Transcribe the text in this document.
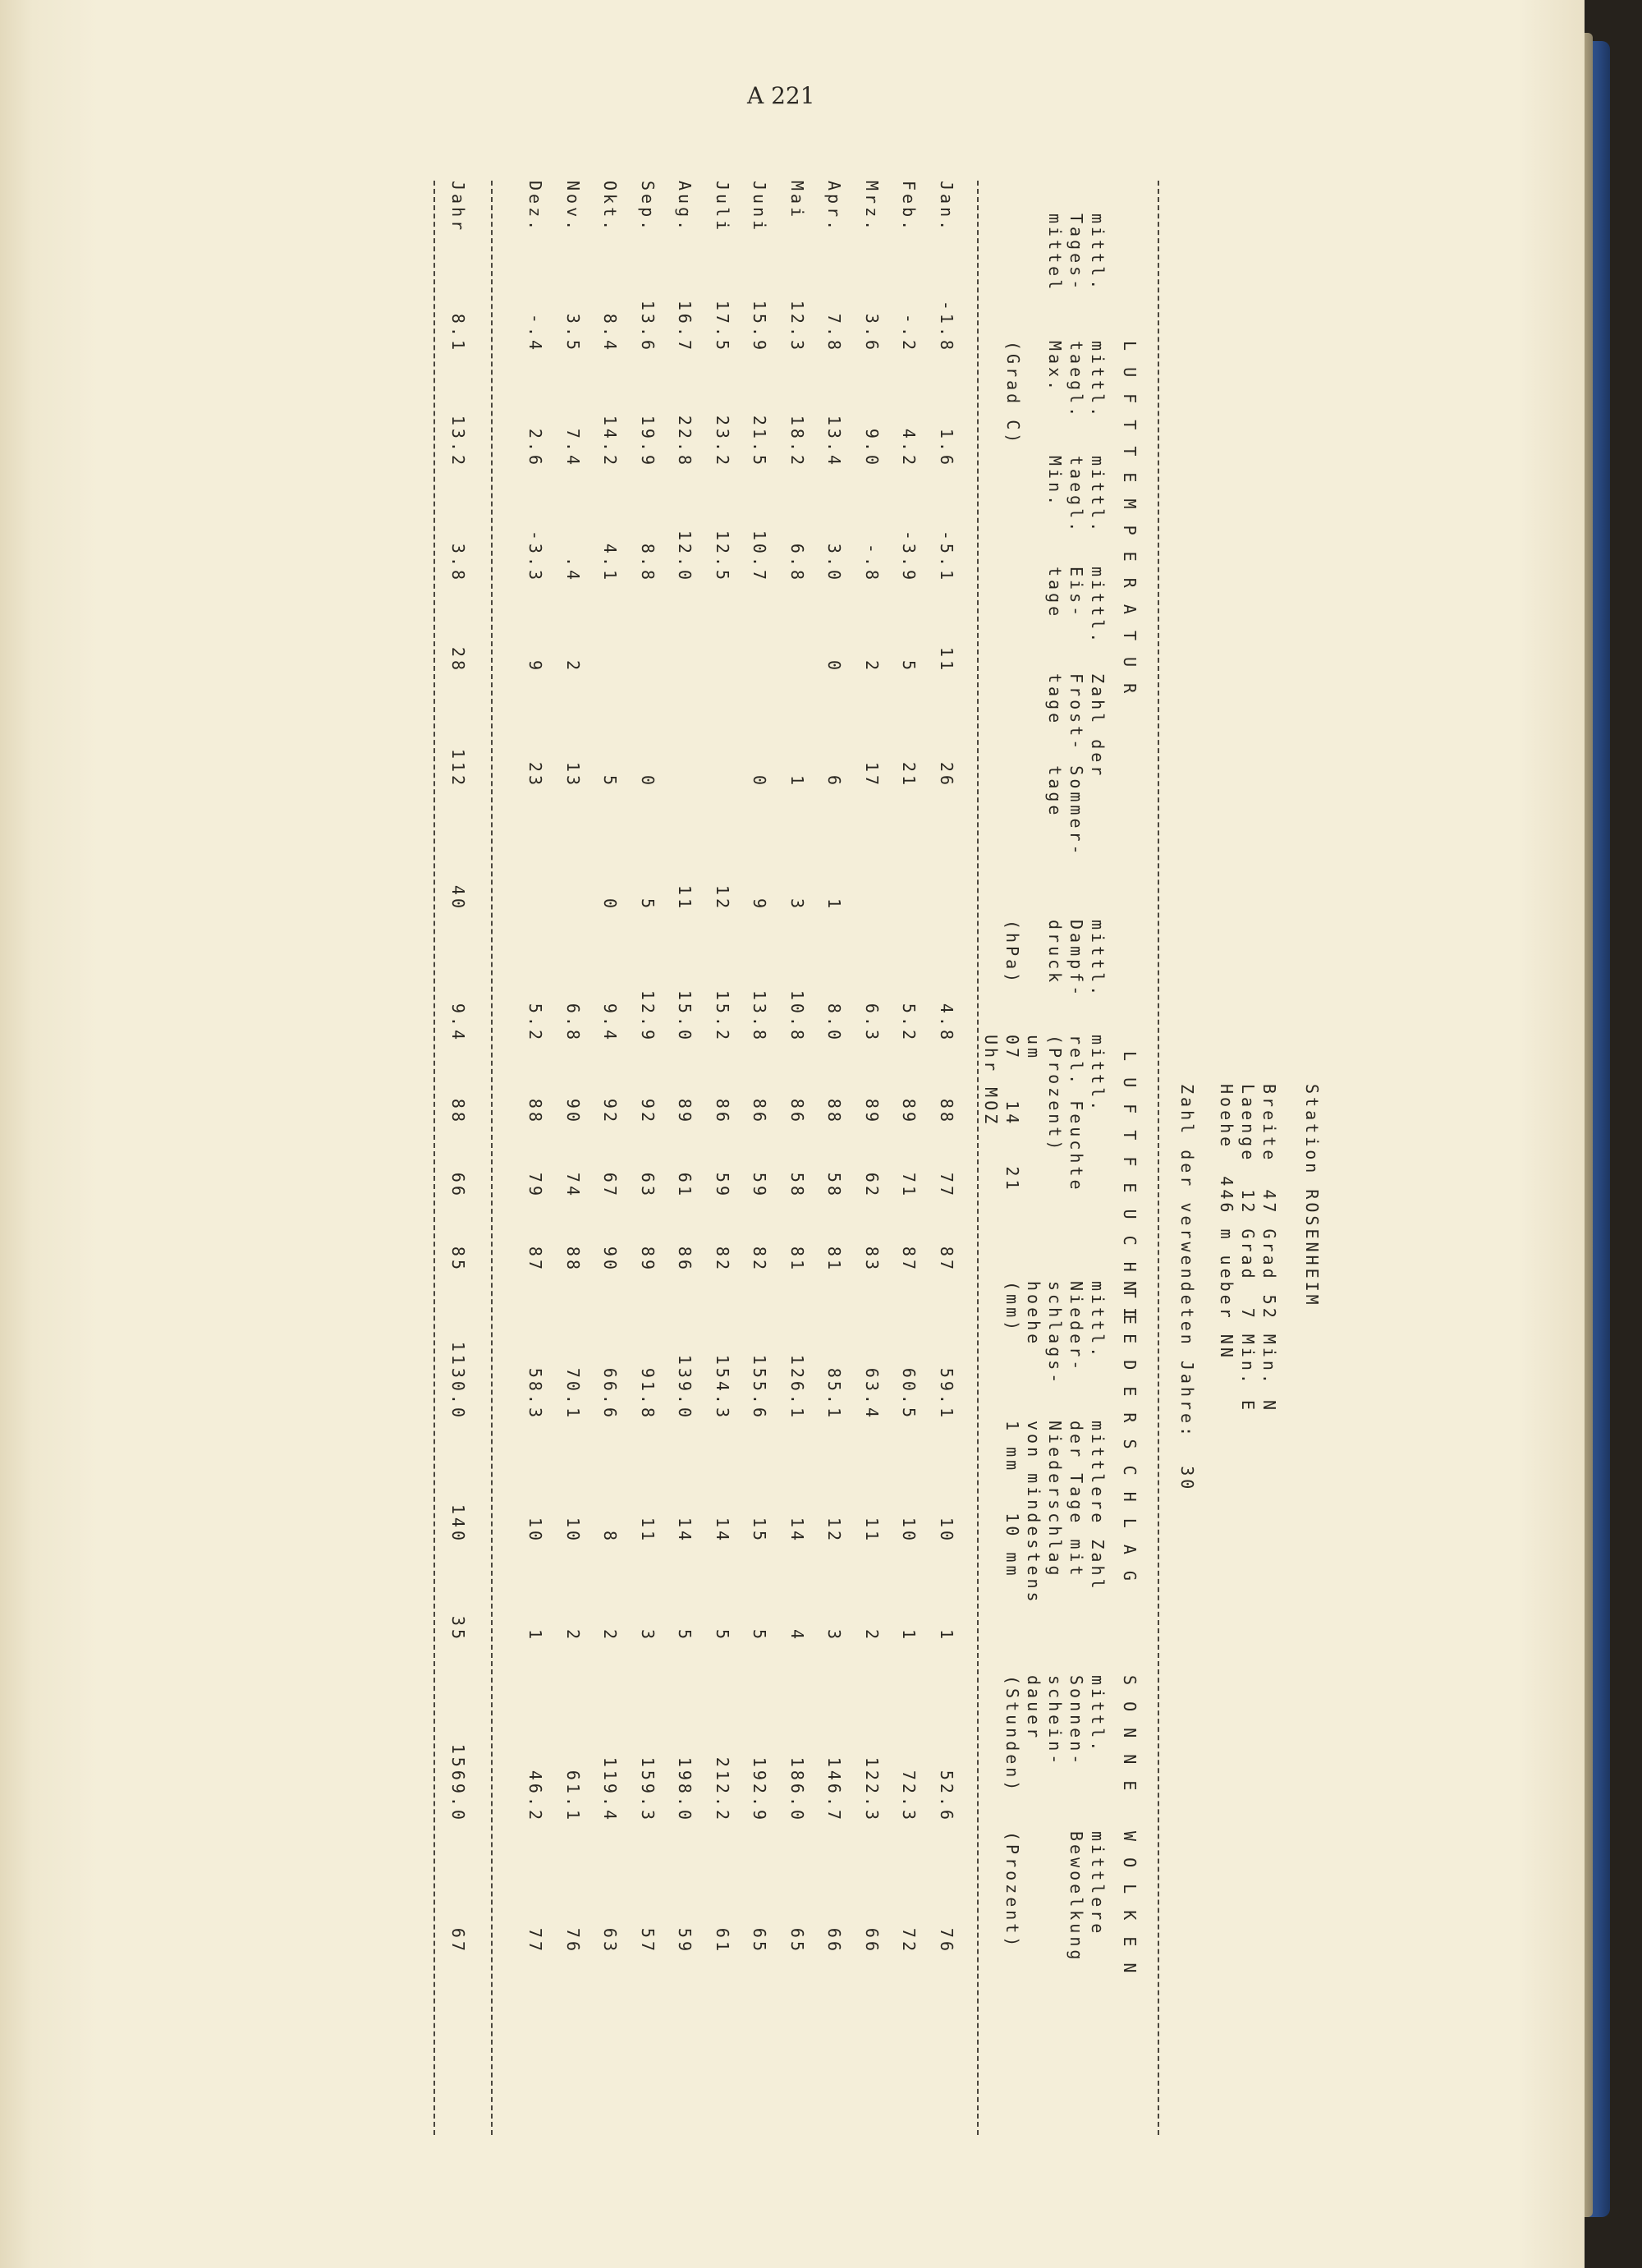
A 221
Station ROSENHEIM
Breite  47 Grad 52 Min. N
Laenge  12 Grad  7 Min. E
Hoehe  446 m ueber NN
Zahl der verwendeten Jahre:  30
L U F T T E M P E R A T U R
L U F T F E U C H T E
N I E D E R S C H L A G
S O N N E
W O L K E N
mittl.
Tages-
mittel
mittl.
taegl.
Max.
mittl.
taegl.
Min.
(Grad C)
mittl.
Eis-
tage
Zahl der
Frost- Sommer-
tage   tage
mittl.
Dampf-
druck

(hPa)
mittl.
rel. Feuchte
(Prozent)
um
07   14   21
Uhr MOZ
mittl.
Nieder-
schlags-
hoehe
(mm)
mittlere Zahl
der Tage mit
Niederschlag
von mindestens
1 mm   10 mm
mittl.
Sonnen-
schein-
dauer
(Stunden)
mittlere
Bewoelkung

(Prozent)
Jan.
-1.8
1.6
-5.1
11
26
4.8
88
77
87
59.1
10
1
52.6
76
Feb.
-.2
4.2
-3.9
5
21
5.2
89
71
87
60.5
10
1
72.3
72
Mrz.
3.6
9.0
-.8
2
17
6.3
89
62
83
63.4
11
2
122.3
66
Apr.
7.8
13.4
3.0
0
6
1
8.0
88
58
81
85.1
12
3
146.7
66
Mai
12.3
18.2
6.8
1
3
10.8
86
58
81
126.1
14
4
186.0
65
Juni
15.9
21.5
10.7
0
9
13.8
86
59
82
155.6
15
5
192.9
65
Juli
17.5
23.2
12.5
12
15.2
86
59
82
154.3
14
5
212.2
61
Aug.
16.7
22.8
12.0
11
15.0
89
61
86
139.0
14
5
198.0
59
Sep.
13.6
19.9
8.8
0
5
12.9
92
63
89
91.8
11
3
159.3
57
Okt.
8.4
14.2
4.1
5
0
9.4
92
67
90
66.6
8
2
119.4
63
Nov.
3.5
7.4
.4
2
13
6.8
90
74
88
70.1
10
2
61.1
76
Dez.
-.4
2.6
-3.3
9
23
5.2
88
79
87
58.3
10
1
46.2
77
Jahr
8.1
13.2
3.8
28
112
40
9.4
88
66
85
1130.0
140
35
1569.0
67
